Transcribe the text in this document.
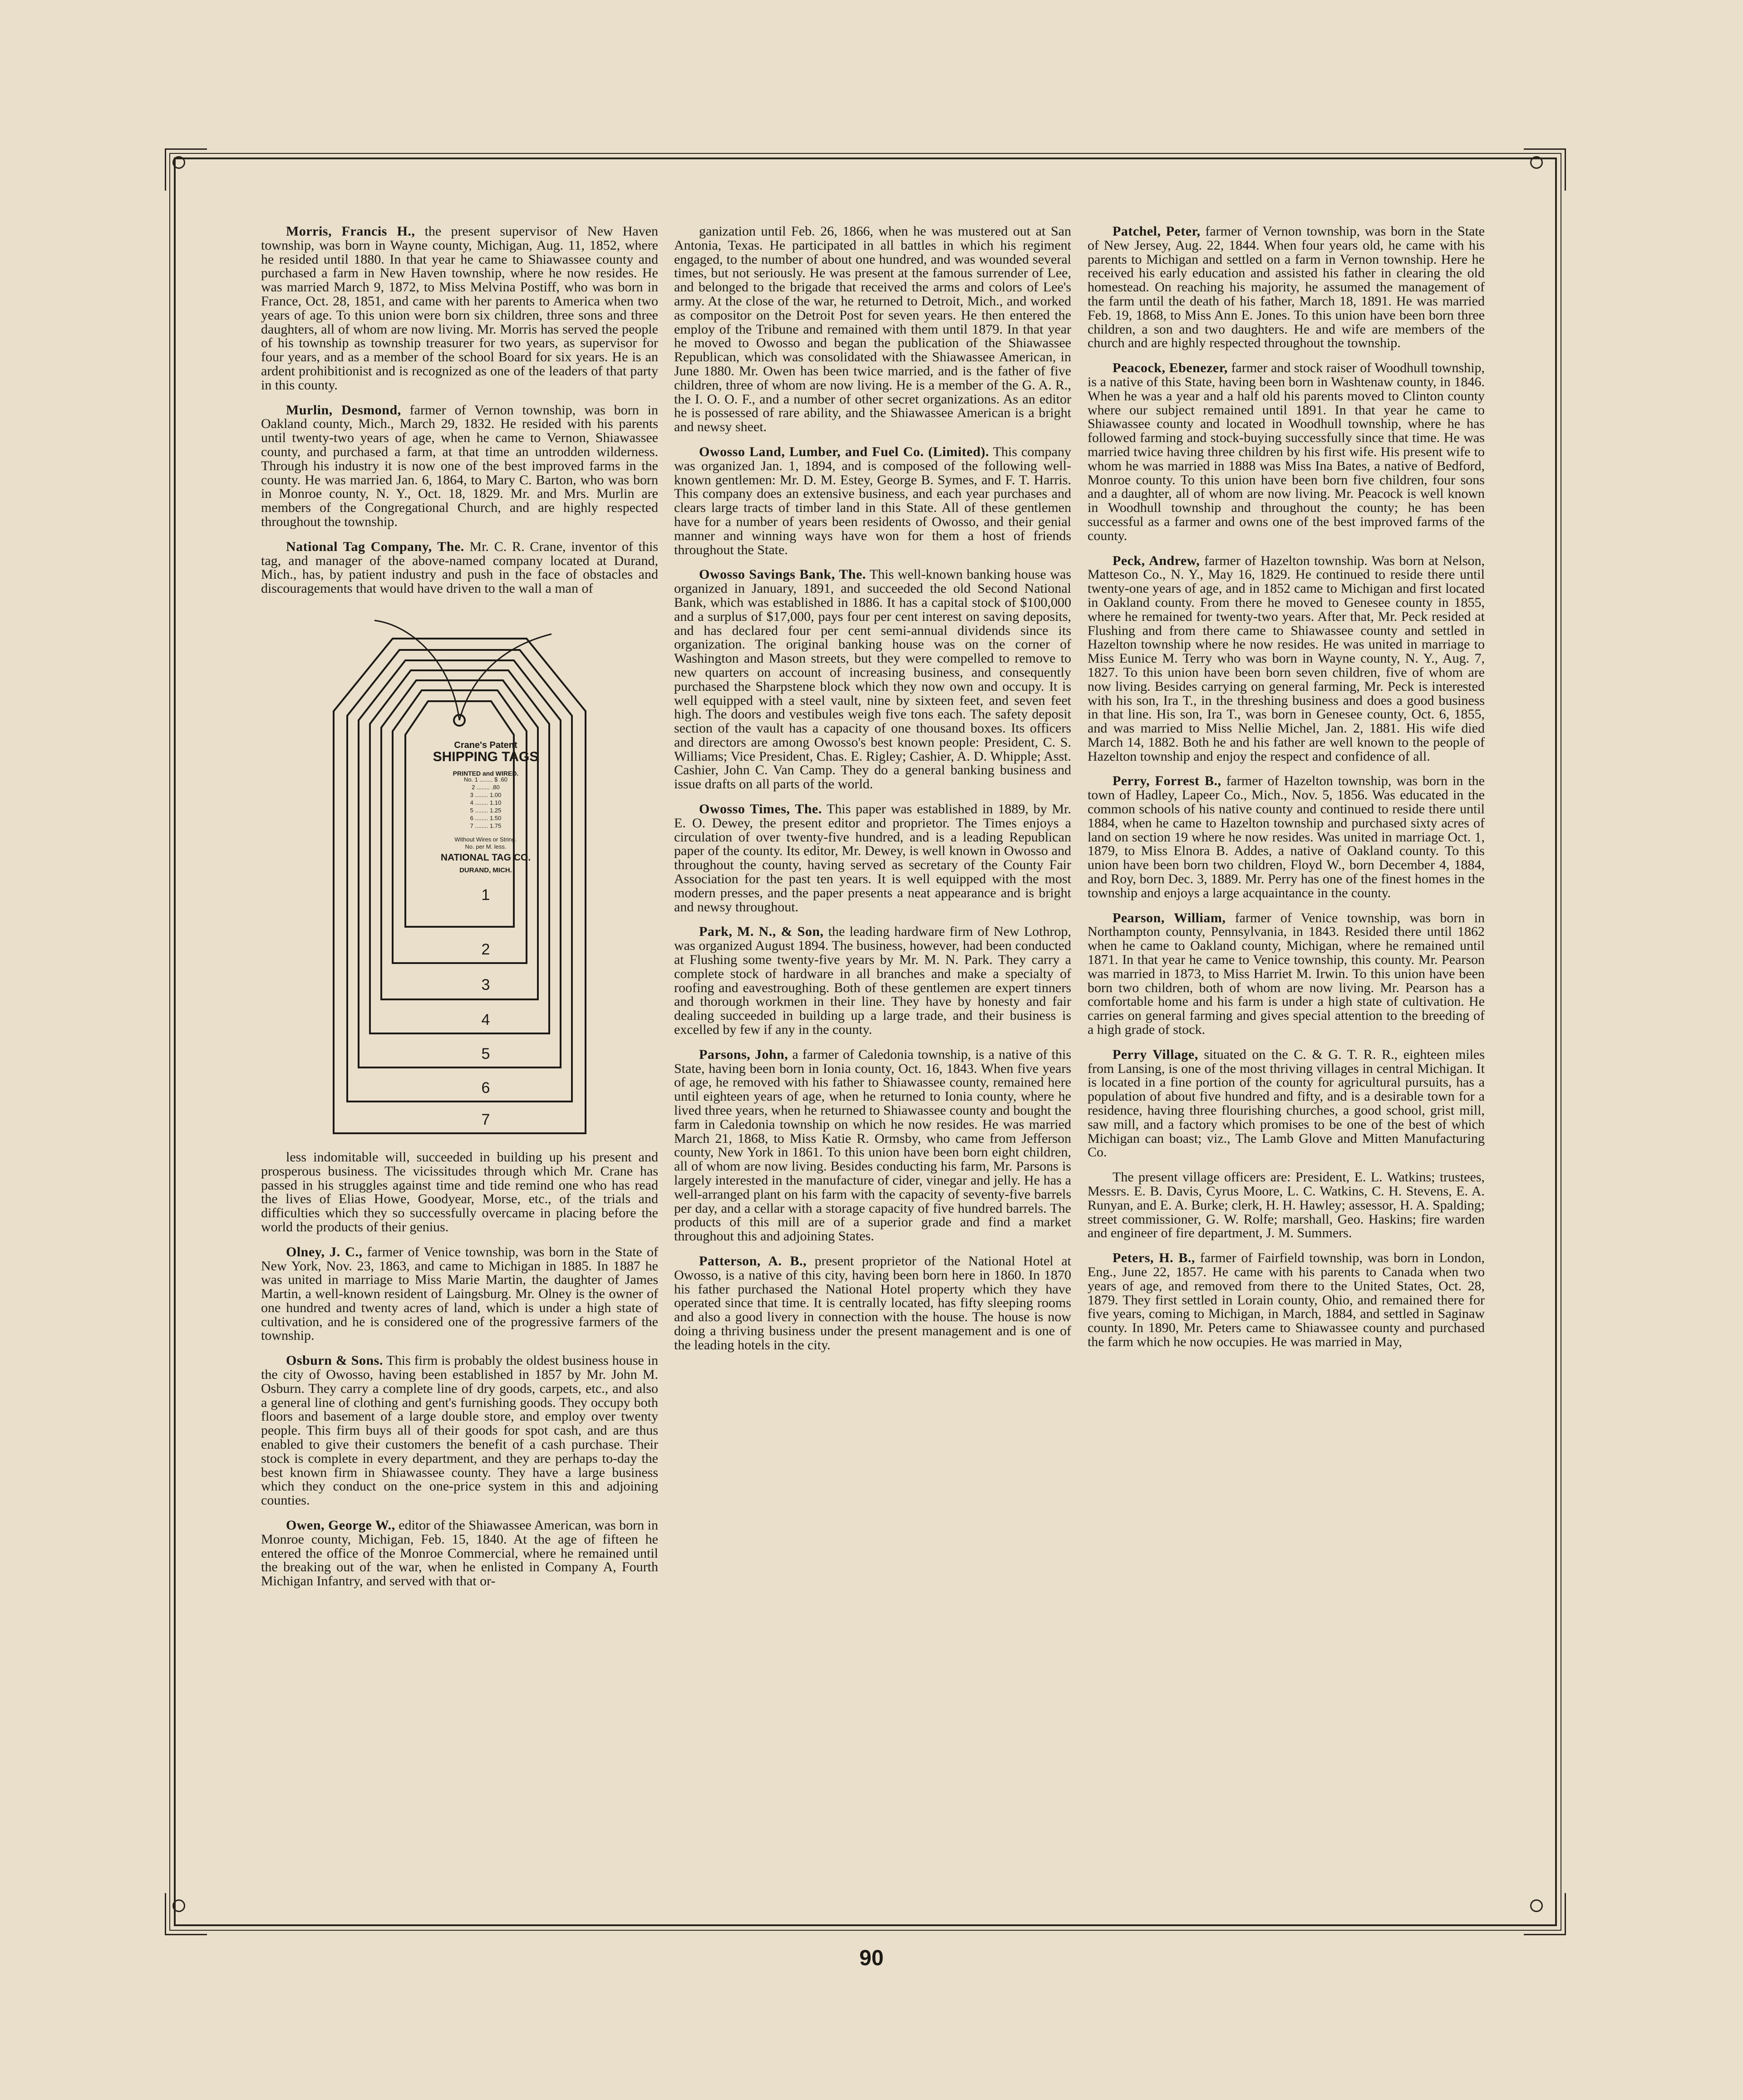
Morris, Francis H., the present supervisor of New Haven township, was born in Wayne county, Michigan, Aug. 11, 1852, where he resided until 1880. In that year he came to Shiawassee county and purchased a farm in New Haven township, where he now resides. He was married March 9, 1872, to Miss Melvina Postiff, who was born in France, Oct. 28, 1851, and came with her parents to America when two years of age. To this union were born six children, three sons and three daughters, all of whom are now living. Mr. Morris has served the people of his township as township treasurer for two years, as supervisor for four years, and as a member of the school Board for six years. He is an ardent prohibitionist and is recognized as one of the leaders of that party in this county.

Murlin, Desmond, farmer of Vernon township, was born in Oakland county, Mich., March 29, 1832. He resided with his parents until twenty-two years of age, when he came to Vernon, Shiawassee county, and purchased a farm, at that time an untrodden wilderness. Through his industry it is now one of the best improved farms in the county. He was married Jan. 6, 1864, to Mary C. Barton, who was born in Monroe county, N. Y., Oct. 18, 1829. Mr. and Mrs. Murlin are members of the Congregational Church, and are highly respected throughout the township.

National Tag Company, The. Mr. C. R. Crane, inventor of this tag, and manager of the above-named company located at Durand, Mich., has, by patient industry and push in the face of obstacles and discouragements that would have driven to the wall a man of

Crane's Patent
SHIPPING TAGS
PRINTED and WIRED.
No. 1 ........ $ .60
2 ........ .80
3 ........ 1.00
4 ........ 1.10
5 ........ 1.25
6 ........ 1.50
7 ........ 1.75
Without Wires or String.
No. per M. less.
NATIONAL TAG CO.
DURAND, MICH.
1
2
3
4
5
6
7

less indomitable will, succeeded in building up his present and prosperous business. The vicissitudes through which Mr. Crane has passed in his struggles against time and tide remind one who has read the lives of Elias Howe, Goodyear, Morse, etc., of the trials and difficulties which they so successfully overcame in placing before the world the products of their genius.

Olney, J. C., farmer of Venice township, was born in the State of New York, Nov. 23, 1863, and came to Michigan in 1885. In 1887 he was united in marriage to Miss Marie Martin, the daughter of James Martin, a well-known resident of Laingsburg. Mr. Olney is the owner of one hundred and twenty acres of land, which is under a high state of cultivation, and he is considered one of the progressive farmers of the township.

Osburn & Sons. This firm is probably the oldest business house in the city of Owosso, having been established in 1857 by Mr. John M. Osburn. They carry a complete line of dry goods, carpets, etc., and also a general line of clothing and gent's furnishing goods. They occupy both floors and basement of a large double store, and employ over twenty people. This firm buys all of their goods for spot cash, and are thus enabled to give their customers the benefit of a cash purchase. Their stock is complete in every department, and they are perhaps to-day the best known firm in Shiawassee county. They have a large business which they conduct on the one-price system in this and adjoining counties.

Owen, George W., editor of the Shiawassee American, was born in Monroe county, Michigan, Feb. 15, 1840. At the age of fifteen he entered the office of the Monroe Commercial, where he remained until the breaking out of the war, when he enlisted in Company A, Fourth Michigan Infantry, and served with that or-

ganization until Feb. 26, 1866, when he was mustered out at San Antonia, Texas. He participated in all battles in which his regiment engaged, to the number of about one hundred, and was wounded several times, but not seriously. He was present at the famous surrender of Lee, and belonged to the brigade that received the arms and colors of Lee's army. At the close of the war, he returned to Detroit, Mich., and worked as compositor on the Detroit Post for seven years. He then entered the employ of the Tribune and remained with them until 1879. In that year he moved to Owosso and began the publication of the Shiawassee Republican, which was consolidated with the Shiawassee American, in June 1880. Mr. Owen has been twice married, and is the father of five children, three of whom are now living. He is a member of the G. A. R., the I. O. O. F., and a number of other secret organizations. As an editor he is possessed of rare ability, and the Shiawassee American is a bright and newsy sheet.

Owosso Land, Lumber, and Fuel Co. (Limited). This company was organized Jan. 1, 1894, and is composed of the following well-known gentlemen: Mr. D. M. Estey, George B. Symes, and F. T. Harris. This company does an extensive business, and each year purchases and clears large tracts of timber land in this State. All of these gentlemen have for a number of years been residents of Owosso, and their genial manner and winning ways have won for them a host of friends throughout the State.

Owosso Savings Bank, The. This well-known banking house was organized in January, 1891, and succeeded the old Second National Bank, which was established in 1886. It has a capital stock of $100,000 and a surplus of $17,000, pays four per cent interest on saving deposits, and has declared four per cent semi-annual dividends since its organization. The original banking house was on the corner of Washington and Mason streets, but they were compelled to remove to new quarters on account of increasing business, and consequently purchased the Sharpstene block which they now own and occupy. It is well equipped with a steel vault, nine by sixteen feet, and seven feet high. The doors and vestibules weigh five tons each. The safety deposit section of the vault has a capacity of one thousand boxes. Its officers and directors are among Owosso's best known people: President, C. S. Williams; Vice President, Chas. E. Rigley; Cashier, A. D. Whipple; Asst. Cashier, John C. Van Camp. They do a general banking business and issue drafts on all parts of the world.

Owosso Times, The. This paper was established in 1889, by Mr. E. O. Dewey, the present editor and proprietor. The Times enjoys a circulation of over twenty-five hundred, and is a leading Republican paper of the county. Its editor, Mr. Dewey, is well known in Owosso and throughout the county, having served as secretary of the County Fair Association for the past ten years. It is well equipped with the most modern presses, and the paper presents a neat appearance and is bright and newsy throughout.

Park, M. N., & Son, the leading hardware firm of New Lothrop, was organized August 1894. The business, however, had been conducted at Flushing some twenty-five years by Mr. M. N. Park. They carry a complete stock of hardware in all branches and make a specialty of roofing and eavestroughing. Both of these gentlemen are expert tinners and thorough workmen in their line. They have by honesty and fair dealing succeeded in building up a large trade, and their business is excelled by few if any in the county.

Parsons, John, a farmer of Caledonia township, is a native of this State, having been born in Ionia county, Oct. 16, 1843. When five years of age, he removed with his father to Shiawassee county, remained here until eighteen years of age, when he returned to Ionia county, where he lived three years, when he returned to Shiawassee county and bought the farm in Caledonia township on which he now resides. He was married March 21, 1868, to Miss Katie R. Ormsby, who came from Jefferson county, New York in 1861. To this union have been born eight children, all of whom are now living. Besides conducting his farm, Mr. Parsons is largely interested in the manufacture of cider, vinegar and jelly. He has a well-arranged plant on his farm with the capacity of seventy-five barrels per day, and a cellar with a storage capacity of five hundred barrels. The products of this mill are of a superior grade and find a market throughout this and adjoining States.

Patterson, A. B., present proprietor of the National Hotel at Owosso, is a native of this city, having been born here in 1860. In 1870 his father purchased the National Hotel property which they have operated since that time. It is centrally located, has fifty sleeping rooms and also a good livery in connection with the house. The house is now doing a thriving business under the present management and is one of the leading hotels in the city.

Patchel, Peter, farmer of Vernon township, was born in the State of New Jersey, Aug. 22, 1844. When four years old, he came with his parents to Michigan and settled on a farm in Vernon township. Here he received his early education and assisted his father in clearing the old homestead. On reaching his majority, he assumed the management of the farm until the death of his father, March 18, 1891. He was married Feb. 19, 1868, to Miss Ann E. Jones. To this union have been born three children, a son and two daughters. He and wife are members of the church and are highly respected throughout the township.

Peacock, Ebenezer, farmer and stock raiser of Woodhull township, is a native of this State, having been born in Washtenaw county, in 1846. When he was a year and a half old his parents moved to Clinton county where our subject remained until 1891. In that year he came to Shiawassee county and located in Woodhull township, where he has followed farming and stock-buying successfully since that time. He was married twice having three children by his first wife. His present wife to whom he was married in 1888 was Miss Ina Bates, a native of Bedford, Monroe county. To this union have been born five children, four sons and a daughter, all of whom are now living. Mr. Peacock is well known in Woodhull township and throughout the county; he has been successful as a farmer and owns one of the best improved farms of the county.

Peck, Andrew, farmer of Hazelton township. Was born at Nelson, Matteson Co., N. Y., May 16, 1829. He continued to reside there until twenty-one years of age, and in 1852 came to Michigan and first located in Oakland county. From there he moved to Genesee county in 1855, where he remained for twenty-two years. After that, Mr. Peck resided at Flushing and from there came to Shiawassee county and settled in Hazelton township where he now resides. He was united in marriage to Miss Eunice M. Terry who was born in Wayne county, N. Y., Aug. 7, 1827. To this union have been born seven children, five of whom are now living. Besides carrying on general farming, Mr. Peck is interested with his son, Ira T., in the threshing business and does a good business in that line. His son, Ira T., was born in Genesee county, Oct. 6, 1855, and was married to Miss Nellie Michel, Jan. 2, 1881. His wife died March 14, 1882. Both he and his father are well known to the people of Hazelton township and enjoy the respect and confidence of all.

Perry, Forrest B., farmer of Hazelton township, was born in the town of Hadley, Lapeer Co., Mich., Nov. 5, 1856. Was educated in the common schools of his native county and continued to reside there until 1884, when he came to Hazelton township and purchased sixty acres of land on section 19 where he now resides. Was united in marriage Oct. 1, 1879, to Miss Elnora B. Addes, a native of Oakland county. To this union have been born two children, Floyd W., born December 4, 1884, and Roy, born Dec. 3, 1889. Mr. Perry has one of the finest homes in the township and enjoys a large acquaintance in the county.

Pearson, William, farmer of Venice township, was born in Northampton county, Pennsylvania, in 1843. Resided there until 1862 when he came to Oakland county, Michigan, where he remained until 1871. In that year he came to Venice township, this county. Mr. Pearson was married in 1873, to Miss Harriet M. Irwin. To this union have been born two children, both of whom are now living. Mr. Pearson has a comfortable home and his farm is under a high state of cultivation. He carries on general farming and gives special attention to the breeding of a high grade of stock.

Perry Village, situated on the C. & G. T. R. R., eighteen miles from Lansing, is one of the most thriving villages in central Michigan. It is located in a fine portion of the county for agricultural pursuits, has a population of about five hundred and fifty, and is a desirable town for a residence, having three flourishing churches, a good school, grist mill, saw mill, and a factory which promises to be one of the best of which Michigan can boast; viz., The Lamb Glove and Mitten Manufacturing Co.

The present village officers are: President, E. L. Watkins; trustees, Messrs. E. B. Davis, Cyrus Moore, L. C. Watkins, C. H. Stevens, E. A. Runyan, and E. A. Burke; clerk, H. H. Hawley; assessor, H. A. Spalding; street commissioner, G. W. Rolfe; marshall, Geo. Haskins; fire warden and engineer of fire department, J. M. Summers.

Peters, H. B., farmer of Fairfield township, was born in London, Eng., June 22, 1857. He came with his parents to Canada when two years of age, and removed from there to the United States, Oct. 28, 1879. They first settled in Lorain county, Ohio, and remained there for five years, coming to Michigan, in March, 1884, and settled in Saginaw county. In 1890, Mr. Peters came to Shiawassee county and purchased the farm which he now occupies. He was married in May,

90
